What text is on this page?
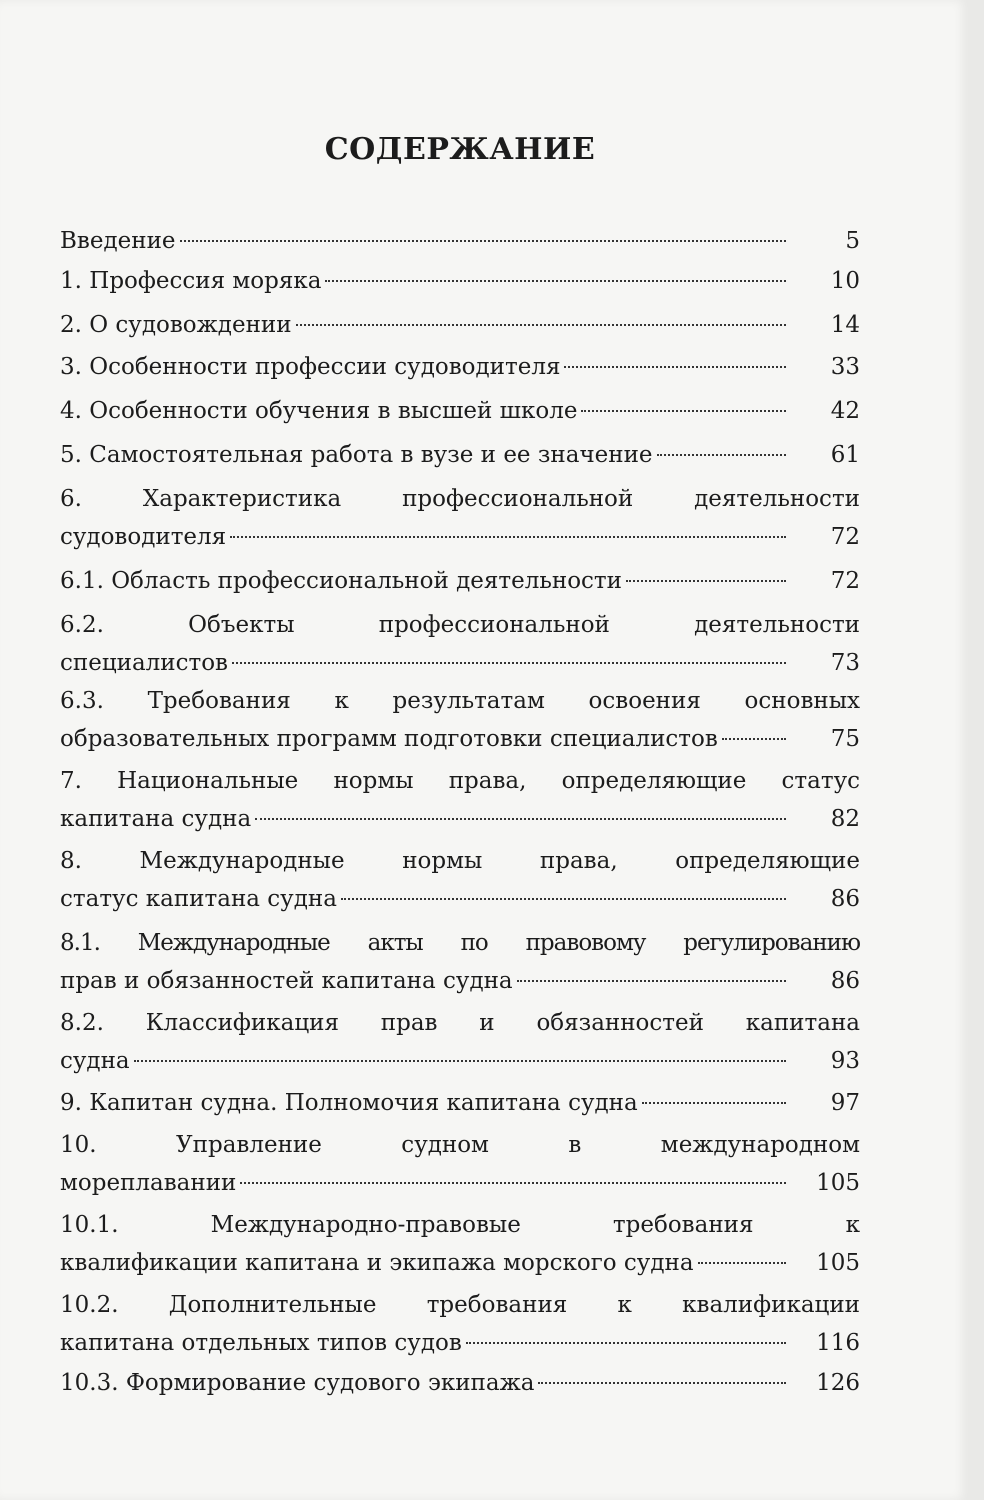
СОДЕРЖАНИЕ
Введение	5
1. Профессия моряка	10
2. О судовождении	14
3. Особенности профессии судоводителя	33
4. Особенности обучения в высшей школе	42
5. Самостоятельная работа в вузе и ее значение	61
6. Характеристика профессиональной деятельности
судоводителя	72
6.1. Область профессиональной деятельности	72
6.2. Объекты профессиональной деятельности
специалистов	73
6.3. Требования к результатам освоения основных
образовательных программ подготовки специалистов	75
7. Национальные нормы права, определяющие статус
капитана судна	82
8. Международные нормы права, определяющие
статус капитана судна	86
8.1. Международные акты по правовому регулированию
прав и обязанностей капитана судна	86
8.2. Классификация прав и обязанностей капитана
судна	93
9. Капитан судна. Полномочия капитана судна	97
10. Управление судном в международном
мореплавании	105
10.1. Международно-правовые требования к
квалификации капитана и экипажа морского судна	105
10.2. Дополнительные требования к квалификации
капитана отдельных типов судов	116
10.3. Формирование судового экипажа	126
